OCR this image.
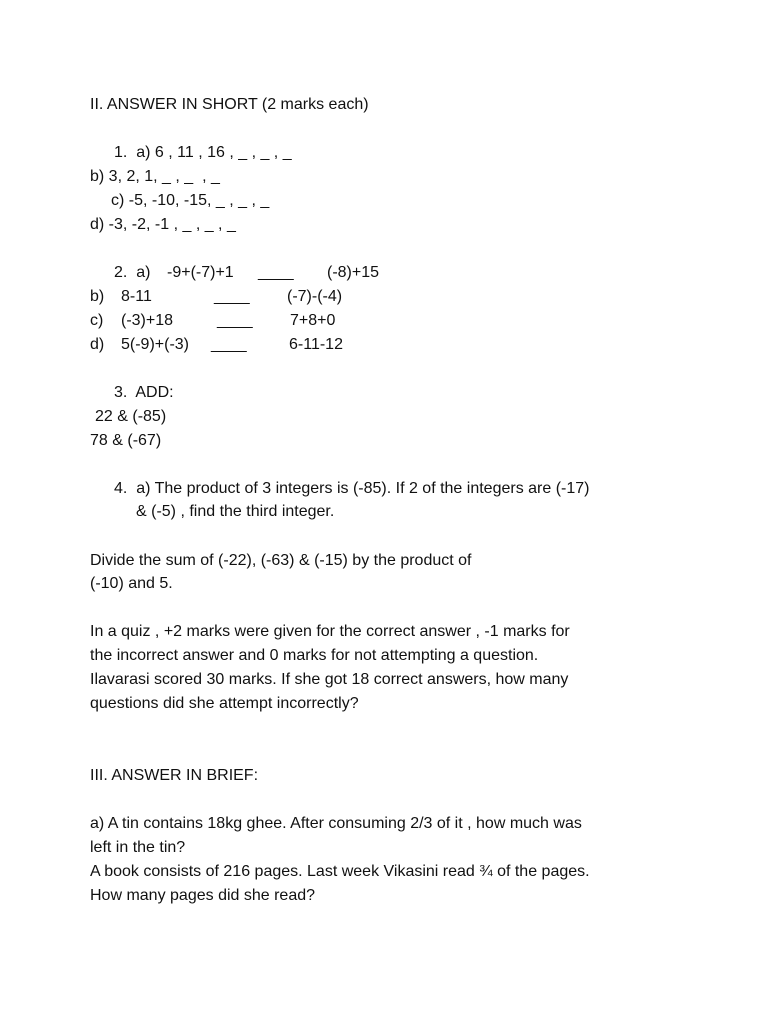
II. ANSWER IN SHORT (2 marks each)
1.  a) 6 , 11 , 16 , _ , _ , _
b) 3, 2, 1, _ , _  , _
c) -5, -10, -15, _ , _ , _
d) -3, -2, -1 , _ , _ , _
2.  a) -9+(-7)+1 ____ (-8)+15
b) 8-11	____ (-7)-(-4)
c) (-3)+18	____ 7+8+0
d) 5(-9)+(-3) ____	6-11-12
3.  ADD:
22 & (-85)
78 & (-67)
4.  a) The product of 3 integers is (-85). If 2 of the integers are (-17)
& (-5) , find the third integer.
Divide the sum of (-22), (-63) & (-15) by the product of
(-10) and 5.
In a quiz , +2 marks were given for the correct answer , -1 marks for
the incorrect answer and 0 marks for not attempting a question.
Ilavarasi scored 30 marks. If she got 18 correct answers, how many
questions did she attempt incorrectly?
III. ANSWER IN BRIEF:
a) A tin contains 18kg ghee. After consuming 2/3 of it , how much was
left in the tin?
A book consists of 216 pages. Last week Vikasini read ¾ of the pages.
How many pages did she read?
